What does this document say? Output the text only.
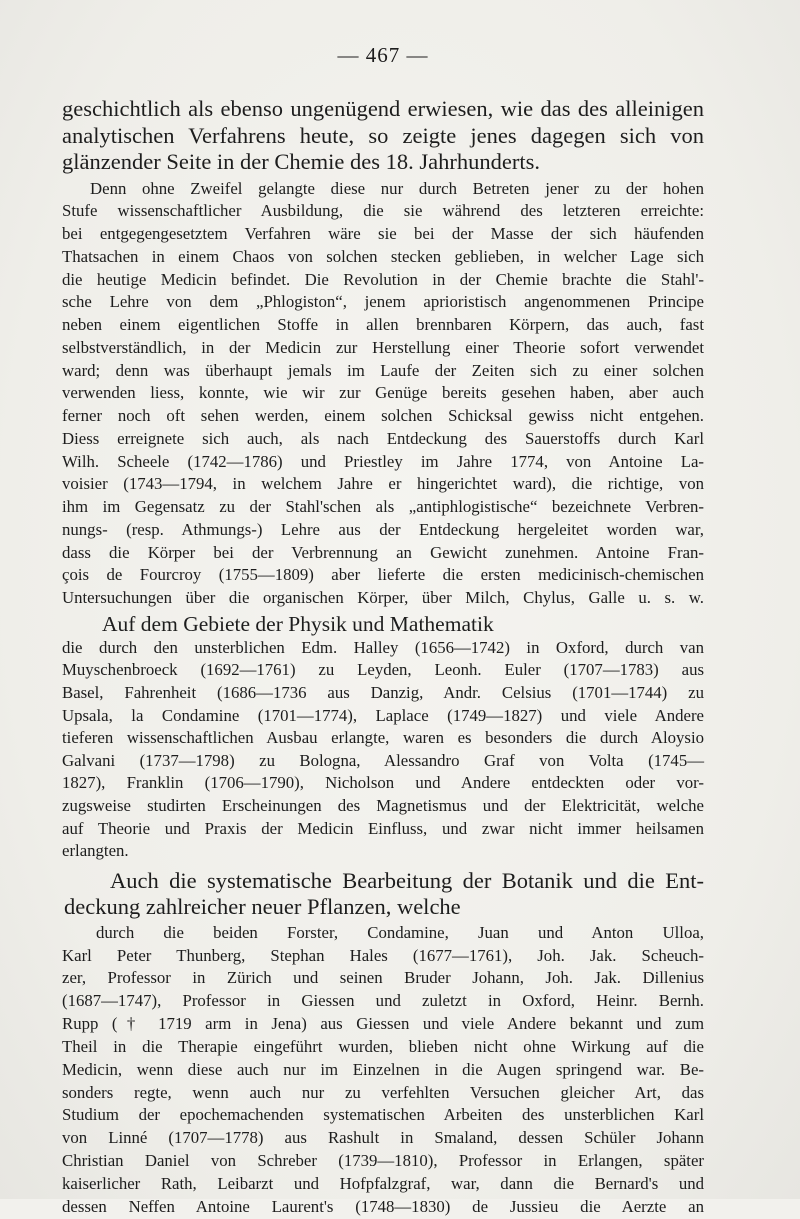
— 467 —
geschichtlich als ebenso ungenügend erwiesen, wie das des alleinigen
analytischen Verfahrens heute, so zeigte jenes dagegen sich von
glänzender Seite in der Chemie des 18. Jahrhunderts.
Denn ohne Zweifel gelangte diese nur durch Betreten jener zu der hohen
Stufe wissenschaftlicher Ausbildung, die sie während des letzteren erreichte:
bei entgegengesetztem Verfahren wäre sie bei der Masse der sich häufenden
Thatsachen in einem Chaos von solchen stecken geblieben, in welcher Lage sich
die heutige Medicin befindet. Die Revolution in der Chemie brachte die Stahl'-
sche Lehre von dem „Phlogiston“, jenem aprioristisch angenommenen Principe
neben einem eigentlichen Stoffe in allen brennbaren Körpern, das auch, fast
selbstverständlich, in der Medicin zur Herstellung einer Theorie sofort verwendet
ward; denn was überhaupt jemals im Laufe der Zeiten sich zu einer solchen
verwenden liess, konnte, wie wir zur Genüge bereits gesehen haben, aber auch
ferner noch oft sehen werden, einem solchen Schicksal gewiss nicht entgehen.
Diess erreignete sich auch, als nach Entdeckung des Sauerstoffs durch Karl
Wilh. Scheele (1742—1786) und Priestley im Jahre 1774, von Antoine La-
voisier (1743—1794, in welchem Jahre er hingerichtet ward), die richtige, von
ihm im Gegensatz zu der Stahl'schen als „antiphlogistische“ bezeichnete Verbren-
nungs- (resp. Athmungs-) Lehre aus der Entdeckung hergeleitet worden war,
dass die Körper bei der Verbrennung an Gewicht zunehmen. Antoine Fran-
çois de Fourcroy (1755—1809) aber lieferte die ersten medicinisch-chemischen
Untersuchungen über die organischen Körper, über Milch, Chylus, Galle u. s. w.
Auf dem Gebiete der Physik und Mathematik
die durch den unsterblichen Edm. Halley (1656—1742) in Oxford, durch van
Muyschenbroeck (1692—1761) zu Leyden, Leonh. Euler (1707—1783) aus
Basel, Fahrenheit (1686—1736 aus Danzig, Andr. Celsius (1701—1744) zu
Upsala, la Condamine (1701—1774), Laplace (1749—1827) und viele Andere
tieferen wissenschaftlichen Ausbau erlangte, waren es besonders die durch Aloysio
Galvani (1737—1798) zu Bologna, Alessandro Graf von Volta (1745—
1827), Franklin (1706—1790), Nicholson und Andere entdeckten oder vor-
zugsweise studirten Erscheinungen des Magnetismus und der Elektricität, welche
auf Theorie und Praxis der Medicin Einfluss, und zwar nicht immer heilsamen
erlangten.
Auch die systematische Bearbeitung der Botanik und die Ent-
deckung zahlreicher neuer Pflanzen, welche
durch die beiden Forster, Condamine, Juan und Anton Ulloa,
Karl Peter Thunberg, Stephan Hales (1677—1761), Joh. Jak. Scheuch-
zer, Professor in Zürich und seinen Bruder Johann, Joh. Jak. Dillenius
(1687—1747), Professor in Giessen und zuletzt in Oxford, Heinr. Bernh.
Rupp († 1719 arm in Jena) aus Giessen und viele Andere bekannt und zum
Theil in die Therapie eingeführt wurden, blieben nicht ohne Wirkung auf die
Medicin, wenn diese auch nur im Einzelnen in die Augen springend war. Be-
sonders regte, wenn auch nur zu verfehlten Versuchen gleicher Art, das
Studium der epochemachenden systematischen Arbeiten des unsterblichen Karl
von Linné (1707—1778) aus Rashult in Smaland, dessen Schüler Johann
Christian Daniel von Schreber (1739—1810), Professor in Erlangen, später
kaiserlicher Rath, Leibarzt und Hofpfalzgraf, war, dann die Bernard's und
dessen Neffen Antoine Laurent's (1748—1830) de Jussieu die Aerzte an
